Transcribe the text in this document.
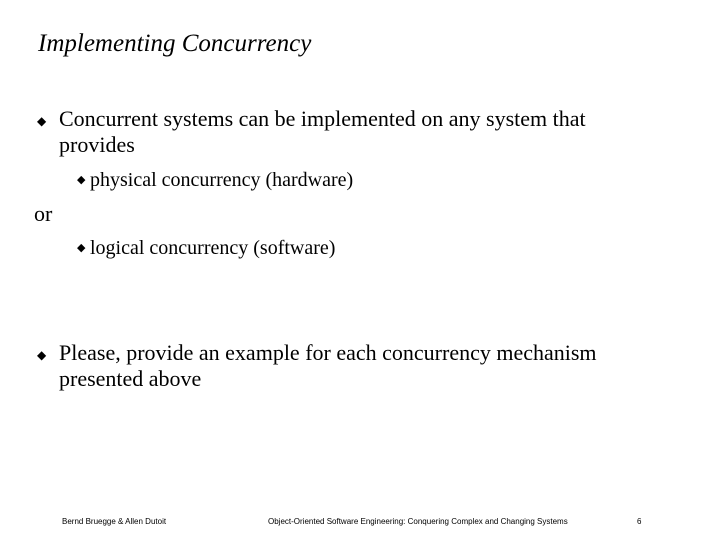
Implementing Concurrency
◆ Concurrent systems can be implemented on any system that
provides
◆ physical concurrency (hardware)
or
◆ logical concurrency (software)
◆ Please, provide an example for each concurrency mechanism
presented above
Bernd Bruegge & Allen Dutoit	Object-Oriented Software Engineering: Conquering Complex and Changing Systems	6
